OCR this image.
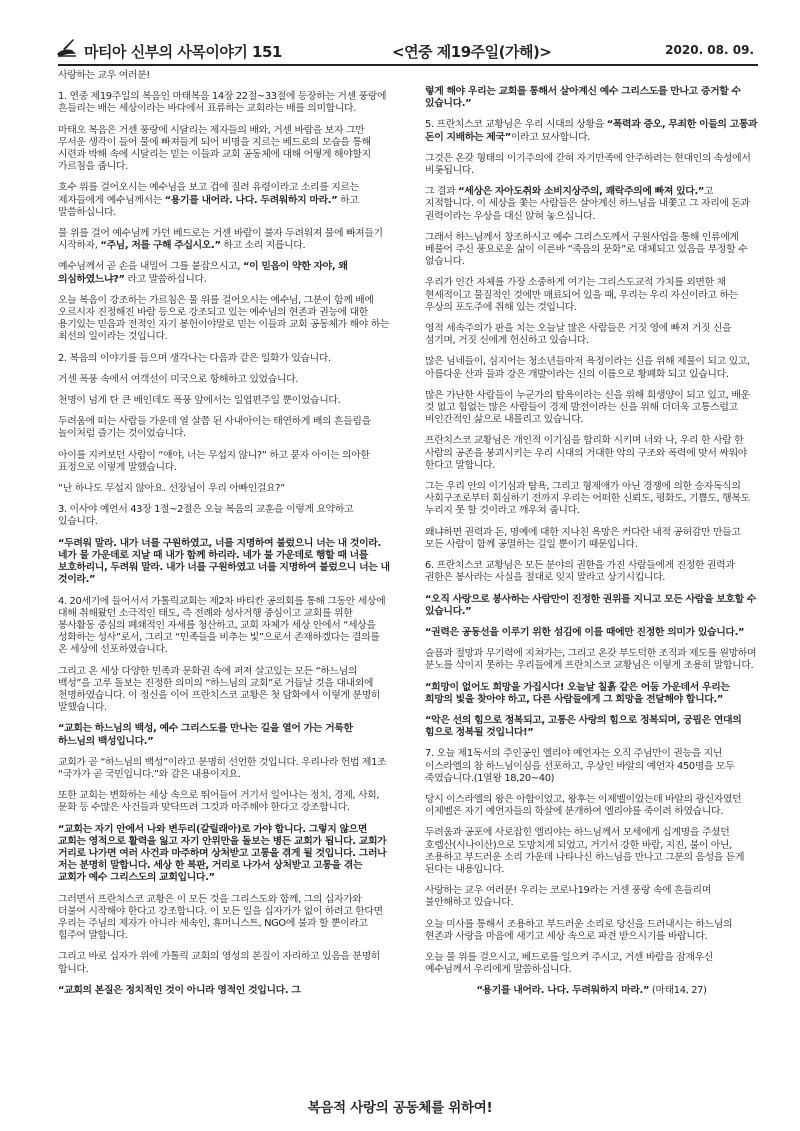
마티아 신부의 사목이야기 151	<연중 제19주일(가해)>	2020. 08. 09.

사랑하는 교우 여러분!

1. 연중 제19주일의 복음인 마태복음 14장 22절~33절에 등장하는 거센 풍랑에 흔들리는 배는 세상이라는 바다에서 표류하는 교회라는 배를 의미합니다.

마태오 복음은 거센 풍랑에 시달리는 제자들의 배와, 거센 바람을 보자 그만 무서운 생각이 들어 물에 빠져들게 되어 비명을 지르는 베드로의 모습을 통해 시련과 박해 속에 시달리는 믿는 이들과 교회 공동체에 대해 어떻게 해야할지 가르침을 줍니다.

호수 위를 걸어오시는 예수님을 보고 겁에 질려 유령이라고 소리를 지르는 제자들에게 예수님께서는 “용기를 내어라. 나다. 두려워하지 마라.” 하고 말씀하십니다.

물 위를 걸어 예수님께 가던 베드로는 거센 바람이 불자 두려워져 물에 빠져들기 시작하자, “주님, 저를 구해 주십시오.” 하고 소리 지릅니다.

예수님께서 곧 손을 내밀어 그를 붙잡으시고, “이 믿음이 약한 자야, 왜 의심하였느냐?” 라고 말씀하십니다.

오늘 복음이 강조하는 가르침은 물 위를 걸어오시는 예수님, 그분이 함께 배에 오르시자 진정해진 바람 등으로 강조되고 있는 예수님의 현존과 권능에 대한 용기있는 믿음과 전적인 자기 봉헌이야말로 믿는 이들과 교회 공동체가 해야 하는 최선의 일이라는 것입니다.

2. 복음의 이야기를 들으며 생각나는 다음과 같은 일화가 있습니다.

거센 폭풍 속에서 여객선이 미국으로 항해하고 있었습니다.

천명이 넘게 탄 큰 배인데도 폭풍 앞에서는 일엽편주일 뿐이었습니다.

두려움에 떠는 사람들 가운데 열 살쯤 된 사내아이는 태연하게 배의 흔들림을 놀이처럼 즐기는 것이었습니다.

아이를 지켜보던 사람이 “얘야, 너는 무섭지 않니?” 하고 묻자 아이는 의아한 표정으로 이렇게 말했습니다.

“난 하나도 무섭지 않아요. 선장님이 우리 아빠인걸요?”

3. 이사야 예언서 43장 1절~2절은 오늘 복음의 교훈을 이렇게 요약하고 있습니다.

“두려워 말라. 내가 너를 구원하였고, 너를 지명하여 불렀으니 너는 내 것이라. 네가 물 가운데로 지날 때 내가 함께 하리라. 네가 불 가운데로 행할 때 너를 보호하리니, 두려워 말라. 내가 너를 구원하였고 너를 지명하여 불렀으니 너는 내 것이라.”

4. 20세기에 들어서서 가톨릭교회는 제2차 바티칸 공의회를 통해 그동안 세상에 대해 취해왔던 소극적인 태도, 즉 전례와 성사거행 중심이고 교회를 위한 봉사활동 중심의 폐쇄적인 자세를 청산하고, 교회 자체가 세상 안에서 “세상을 성화하는 성사”로서, 그리고 “민족들을 비추는 빛”으로서 존재하겠다는 결의를 온 세상에 선포하였습니다.

그리고 온 세상 다양한 민족과 문화권 속에 퍼져 살고있는 모든 “하느님의 백성”을 고루 돌보는 진정한 의미의 “하느님의 교회”로 거듭날 것을 대내외에 천명하였습니다. 이 정신을 이어 프란치스코 교황은 첫 담화에서 이렇게 분명히 말했습니다.

“교회는 하느님의 백성, 예수 그리스도를 만나는 길을 열어 가는 거룩한 하느님의 백성입니다.”

교회가 곧 “하느님의 백성”이라고 분명히 선언한 것입니다. 우리나라 헌법 제1조 “국가가 곧 국민입니다.”와 같은 내용이지요.

또한 교회는 변화하는 세상 속으로 뛰어들어 거기서 일어나는 정치, 경제, 사회, 문화 등 수많은 사건들과 맞닥뜨려 그것과 마주해야 한다고 강조합니다.

“교회는 자기 안에서 나와 변두리(갈릴래아)로 가야 합니다. 그렇지 않으면 교회는 영적으로 활력을 잃고 자기 안위만을 돌보는 병든 교회가 됩니다. 교회가 거리로 나가면 여러 사건과 마주하며 상처받고 고통을 겪게 될 것입니다. 그러나 저는 분명히 말합니다. 세상 한 복판, 거리로 나가서 상처받고 고통을 겪는 교회가 예수 그리스도의 교회입니다.”

그러면서 프란치스코 교황은 이 모든 것을 그리스도와 함께, 그의 십자가와 더불어 시작해야 한다고 강조합니다. 이 모든 일을 십자가가 없이 하려고 한다면 우리는 주님의 제자가 아니라 세속인, 휴머니스트, NGO에 불과 할 뿐이라고 힘주어 말합니다.

그리고 바로 십자가 위에 가톨릭 교회의 영성의 본질이 자리하고 있음을 분명히 합니다.

“교회의 본질은 정치적인 것이 아니라 영적인 것입니다. 그

렇게 해야 우리는 교회를 통해서 살아계신 예수 그리스도를 만나고 증거할 수 있습니다.”

5. 프란치스코 교황님은 우리 시대의 상황을 “폭력과 증오, 무죄한 이들의 고통과 돈이 지배하는 제국”이라고 묘사합니다.

그것은 온갖 형태의 이기주의에 갇혀 자기만족에 안주하려는 현대인의 속성에서 비롯됩니다.

그 결과 “세상은 자아도취와 소비지상주의, 쾌락주의에 빠져 있다.”고 지적합니다. 이 세상을 쫓는 사람들은 살아계신 하느님을 내쫓고 그 자리에 돈과 권력이라는 우상을 대신 앉혀 놓으십니다.

그래서 하느님께서 창조하시고 예수 그리스도께서 구원사업을 통해 인류에게 베풀어 주신 풍요로운 삶이 이른바 “죽음의 문화”로 대체되고 있음을 부정할 수 없습니다.

우리가 인간 자체를 가장 소중하게 여기는 그리스도교적 가치를 외면한 채 현세적이고 물질적인 것에만 매료되어 있을 때, 우리는 우리 자신이라고 하는 우상의 포도주에 취해 있는 것입니다.

영적 세속주의가 판을 치는 오늘날 많은 사람들은 거짓 영에 빠져 거짓 신을 섬기며, 거짓 신에게 헌신하고 있습니다.

많은 님네들이, 심지어는 청소년들마저 욕정이라는 신을 위해 제물이 되고 있고, 아름다운 산과 들과 강은 개발이라는 신의 이름으로 황폐화 되고 있습니다.

많은 가난한 사람들이 누군가의 탐욕이라는 신을 위해 희생양이 되고 있고, 배운 것 없고 힘없는 많은 사람들이 경제 발전이라는 신을 위해 더더욱 고통스럽고 비인간적인 삶으로 내몰리고 있습니다.

프란치스코 교황님은 개인적 이기심을 합리화 시키며 너와 나, 우리 한 사람 한 사람의 공존을 붕괴시키는 우리 시대의 거대한 악의 구조와 폭력에 맞서 싸워야 한다고 말합니다.

그는 우리 안의 이기심과 탐욕, 그리고 형제애가 아닌 경쟁에 의한 승자독식의 사회구조로부터 회심하기 전까지 우리는 어떠한 신뢰도, 평화도, 기쁨도, 행복도 누리지 못 할 것이라고 깨우쳐 줍니다.

왜냐하면 권력과 돈, 명예에 대한 지나친 욕망은 커다란 내적 공허감만 만들고 모든 사람이 함께 공멸하는 길일 뿐이기 때문입니다.

6. 프란치스코 교황님은 모든 분야의 권한을 가진 사람들에게 진정한 권력과 권한은 봉사라는 사실을 절대로 잊지 말라고 상기시킵니다.

“오직 사랑으로 봉사하는 사람만이 진정한 권위를 지니고 모든 사람을 보호할 수 있습니다.”

“권력은 공동선을 이루기 위한 섬김에 이를 때에만 진정한 의미가 있습니다.”

슬픔과 절망과 무기력에 지쳐가는, 그리고 온갖 부도덕한 조직과 제도를 원망하며 분노를 삭이지 못하는 우리들에게 프란치스코 교황님은 이렇게 조용히 말합니다.

“희망이 없어도 희망을 가집시다! 오늘날 칠흙 같은 어둠 가운데서 우리는 희망의 빛을 찾아야 하고, 다른 사람들에게 그 희망을 전달해야 합니다.”

“악은 선의 힘으로 정복되고, 고통은 사랑의 힘으로 정복되며, 궁핍은 연대의 힘으로 정복될 것입니다!”

7. 오늘 제1독서의 주인공인 엘리야 예언자는 오직 주님만이 권능을 지닌 이스라엘의 참 하느님이심을 선포하고, 우상인 바알의 예언자 450명을 모두 죽였습니다.(1열왕 18,20~40)

당시 이스라엘의 왕은 아합이었고, 왕후는 이제벨이었는데 바알의 광신자였던 이제벨은 자기 예언자들의 학살에 분개하여 엘리야를 죽이려 하였습니다.

두려움과 공포에 사로잡힌 엘리야는 하느님께서 모세에게 십계명을 주셨던 호렙산(시나이산)으로 도망치게 되었고, 거기서 강한 바람, 지진, 불이 아닌, 조용하고 부드러운 소리 가운데 나타나신 하느님을 만나고 그분의 음성을 듣게 된다는 내용입니다.

사랑하는 교우 여러분! 우리는 코로나19라는 거센 풍랑 속에 흔들리며 불안해하고 있습니다.

오늘 미사를 통해서 조용하고 부드러운 소리로 당신을 드러내시는 하느님의 현존과 사랑을 마음에 새기고 세상 속으로 파견 받으시기를 바랍니다.

오늘 물 위를 걸으시고, 베드로를 일으켜 주시고, 거센 바람을 잠재우신 예수님께서 우리에게 말씀하십니다.

“용기를 내어라. 나다. 두려워하지 마라.” (마태14, 27)

복음적 사랑의 공동체를 위하여!
